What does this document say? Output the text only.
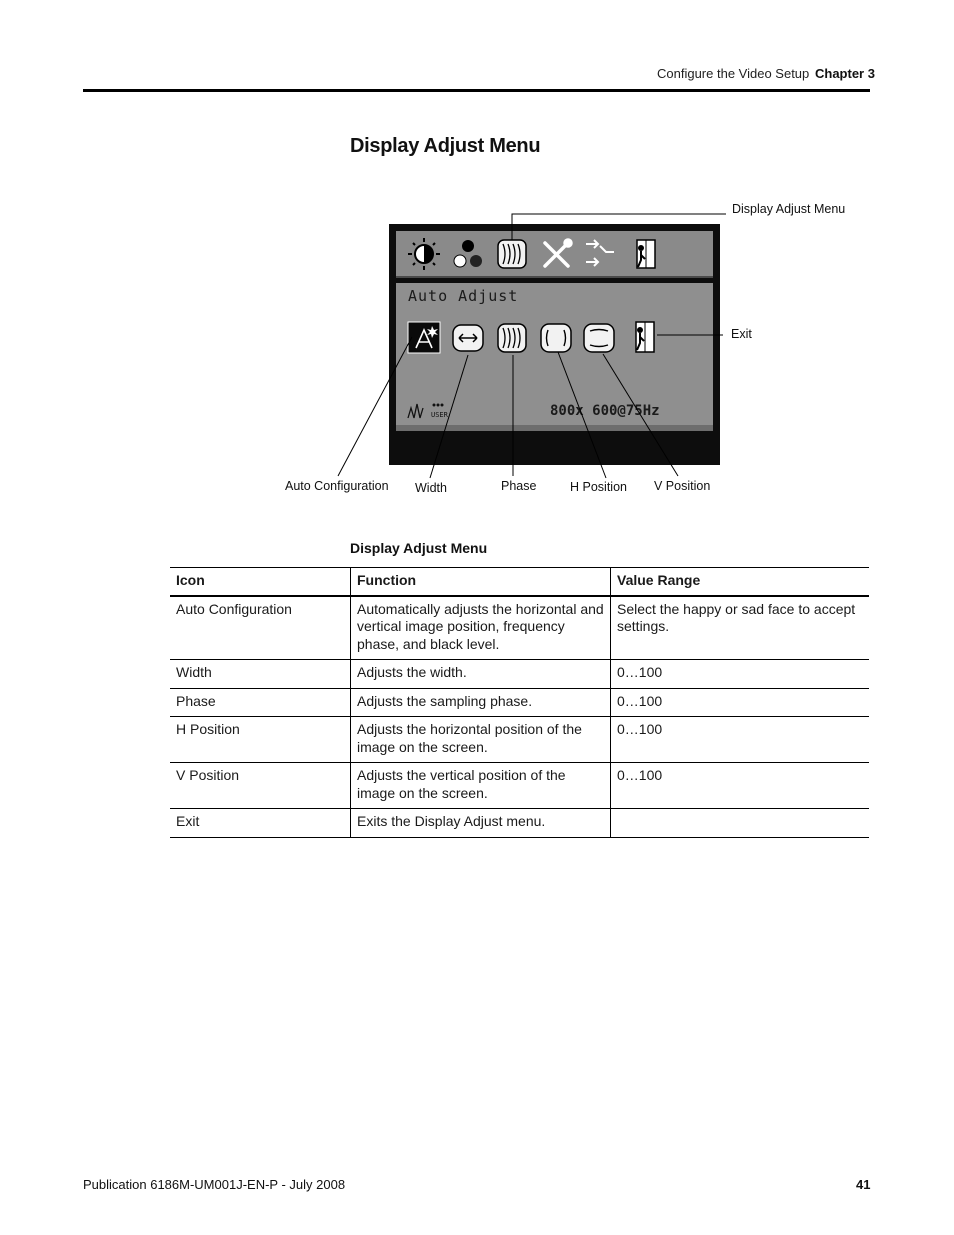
Configure the Video Setup Chapter 3
Display Adjust Menu
Auto Adjust
USER	800x 600@75Hz
Display Adjust Menu
Exit
Auto Configuration Width	Phase	H Position V Position
Display Adjust Menu
Icon	Function	Value Range
Auto Configuration	Automatically adjusts the horizontal and vertical image position, frequency phase, and black level.	Select the happy or sad face to accept settings.
Width	Adjusts the width.	0…100
Phase	Adjusts the sampling phase.	0…100
H Position	Adjusts the horizontal position of the image on the screen.	0…100
V Position	Adjusts the vertical position of the image on the screen.	0…100
Exit	Exits the Display Adjust menu.	
Publication 6186M-UM001J-EN-P - July 2008	41
